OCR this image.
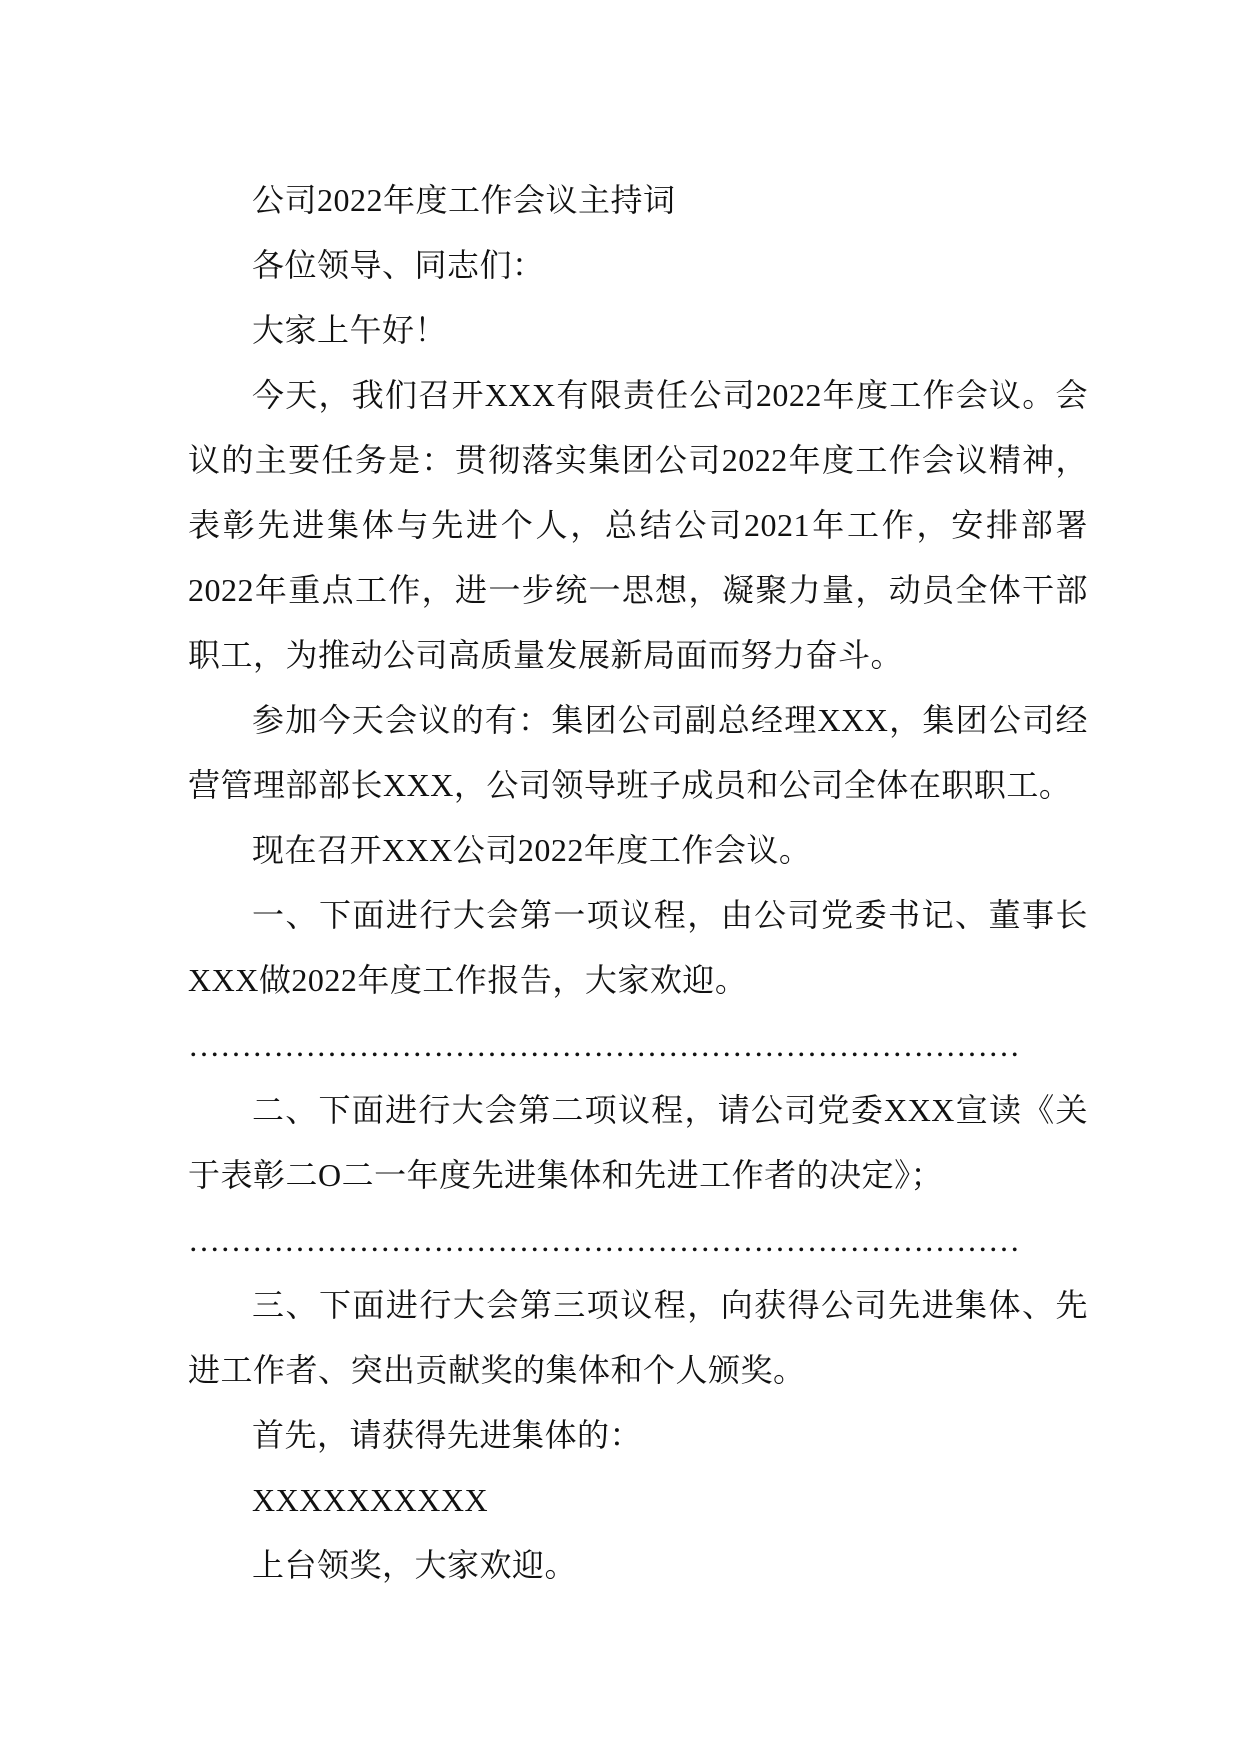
公司2022年度工作会议主持词

各位领导、同志们：

大家上午好！

今天，我们召开XXX有限责任公司2022年度工作会议。会议的主要任务是：贯彻落实集团公司2022年度工作会议精神，表彰先进集体与先进个人，总结公司2021年工作，安排部署2022年重点工作，进一步统一思想，凝聚力量，动员全体干部职工，为推动公司高质量发展新局面而努力奋斗。

参加今天会议的有：集团公司副总经理XXX，集团公司经营管理部部长XXX，公司领导班子成员和公司全体在职职工。

现在召开XXX公司2022年度工作会议。

一、下面进行大会第一项议程，由公司党委书记、董事长XXX做2022年度工作报告，大家欢迎。

……………………………………………………………………

二、下面进行大会第二项议程，请公司党委XXX宣读《关于表彰二O二一年度先进集体和先进工作者的决定》；

……………………………………………………………………

三、下面进行大会第三项议程，向获得公司先进集体、先进工作者、突出贡献奖的集体和个人颁奖。

首先，请获得先进集体的：

XXXXXXXXXX

上台领奖，大家欢迎。
